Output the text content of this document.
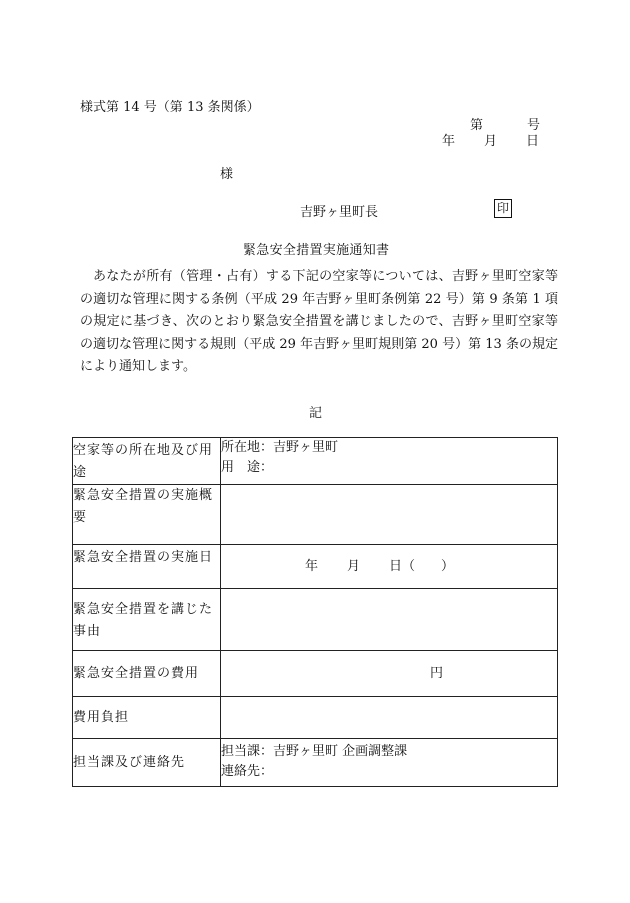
様式第 14 号（第 13 条関係）
第	号
年 月 日
様
吉野ヶ里町長	印
緊急安全措置実施通知書
あなたが所有（管理・占有）する下記の空家等については、吉野ヶ里町空家等の適切な管理に関する条例（平成 29 年吉野ヶ里町条例第 22 号）第 9 条第 1 項の規定に基づき、次のとおり緊急安全措置を講じましたので、吉野ヶ里町空家等の適切な管理に関する規則（平成 29 年吉野ヶ里町規則第 20 号）第 13 条の規定により通知します。
記
空家等の所在地及び用途	所在地：吉野ヶ里町
用　途：

緊急安全措置の実施概要	
緊急安全措置の実施日	年 月 日（　　）

緊急安全措置を講じた事由	
緊急安全措置の費用	円

費用負担	
担当課及び連絡先	担当課：吉野ヶ里町 企画調整課
連絡先：
